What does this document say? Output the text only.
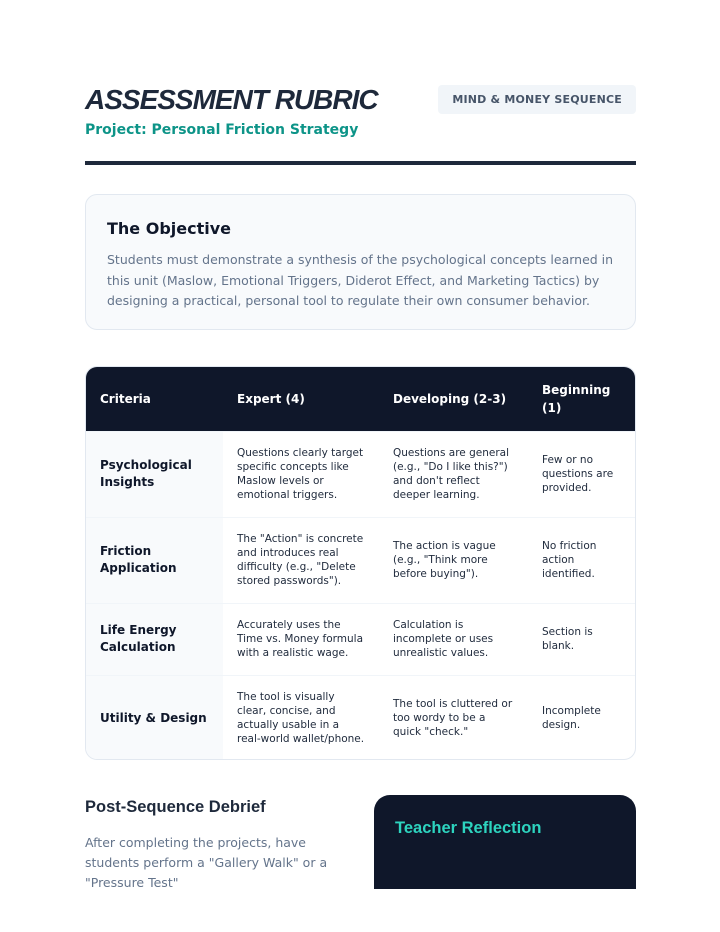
ASSESSMENT RUBRIC
Project: Personal Friction Strategy
MIND & MONEY SEQUENCE
The Objective

Students must demonstrate a synthesis of the psychological concepts learned in this unit (Maslow, Emotional Triggers, Diderot Effect, and Marketing Tactics) by designing a practical, personal tool to regulate their own consumer behavior.

Criteria	Expert (4)	Developing (2-3)	Beginning (1)
Psychological Insights	Questions clearly target specific concepts like Maslow levels or emotional triggers.	Questions are general (e.g., "Do I like this?") and don't reflect deeper learning.	Few or no questions are provided.
Friction Application	The "Action" is concrete and introduces real difficulty (e.g., "Delete stored passwords").	The action is vague (e.g., "Think more before buying").	No friction action identified.
Life Energy Calculation	Accurately uses the Time vs. Money formula with a realistic wage.	Calculation is incomplete or uses unrealistic values.	Section is blank.
Utility & Design	The tool is visually clear, concise, and actually usable in a real-world wallet/phone.	The tool is cluttered or too wordy to be a quick "check."	Incomplete design.
Post-Sequence Debrief

After completing the projects, have students perform a "Gallery Walk" or a "Pressure Test"

Teacher Reflection
